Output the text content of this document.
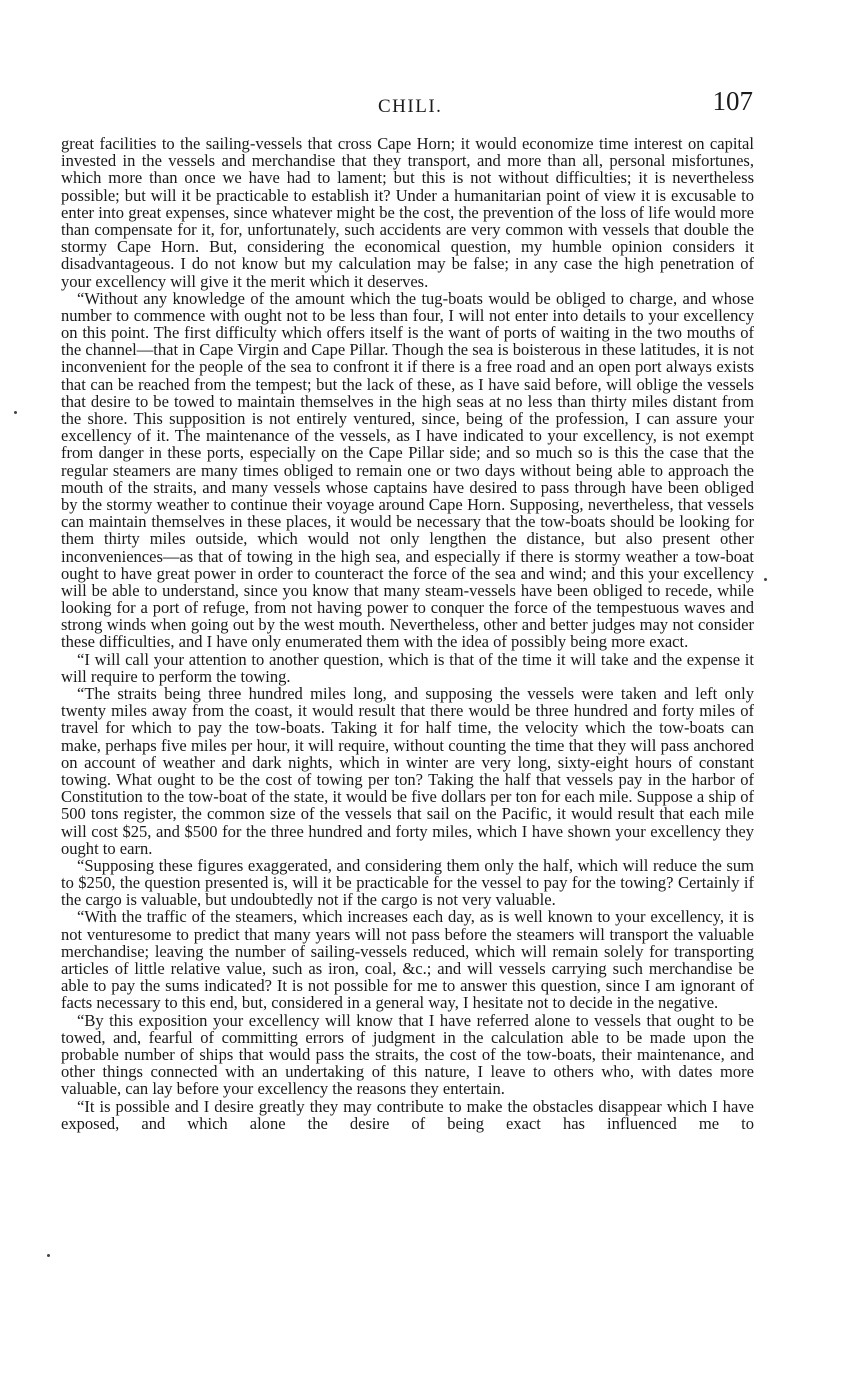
CHILI.	107

great facilities to the sailing-vessels that cross Cape Horn; it would economize time interest on capital invested in the vessels and merchandise that they transport, and more than all, personal misfortunes, which more than once we have had to lament; but this is not without difficulties; it is nevertheless possible; but will it be practicable to establish it? Under a humanitarian point of view it is excusable to enter into great expenses, since whatever might be the cost, the prevention of the loss of life would more than compensate for it, for, unfortunately, such accidents are very common with vessels that double the stormy Cape Horn. But, considering the economical question, my humble opinion considers it disadvantageous. I do not know but my calculation may be false; in any case the high penetration of your excellency will give it the merit which it deserves.

“Without any knowledge of the amount which the tug-boats would be obliged to charge, and whose number to commence with ought not to be less than four, I will not enter into details to your excellency on this point. The first difficulty which offers itself is the want of ports of waiting in the two mouths of the channel—that in Cape Virgin and Cape Pillar. Though the sea is boisterous in these latitudes, it is not inconvenient for the people of the sea to confront it if there is a free road and an open port always exists that can be reached from the tempest; but the lack of these, as I have said before, will oblige the vessels that desire to be towed to maintain themselves in the high seas at no less than thirty miles distant from the shore. This supposition is not entirely ventured, since, being of the profession, I can assure your excellency of it. The maintenance of the vessels, as I have indicated to your excellency, is not exempt from danger in these ports, especially on the Cape Pillar side; and so much so is this the case that the regular steamers are many times obliged to remain one or two days without being able to approach the mouth of the straits, and many vessels whose captains have desired to pass through have been obliged by the stormy weather to continue their voyage around Cape Horn. Supposing, nevertheless, that vessels can maintain themselves in these places, it would be necessary that the tow-boats should be looking for them thirty miles outside, which would not only lengthen the distance, but also present other inconveniences—as that of towing in the high sea, and especially if there is stormy weather a tow-boat ought to have great power in order to counteract the force of the sea and wind; and this your excellency will be able to understand, since you know that many steam-vessels have been obliged to recede, while looking for a port of refuge, from not having power to conquer the force of the tempestuous waves and strong winds when going out by the west mouth. Nevertheless, other and better judges may not consider these difficulties, and I have only enumerated them with the idea of possibly being more exact.

“I will call your attention to another question, which is that of the time it will take and the expense it will require to perform the towing.

“The straits being three hundred miles long, and supposing the vessels were taken and left only twenty miles away from the coast, it would result that there would be three hundred and forty miles of travel for which to pay the tow-boats. Taking it for half time, the velocity which the tow-boats can make, perhaps five miles per hour, it will require, without counting the time that they will pass anchored on account of weather and dark nights, which in winter are very long, sixty-eight hours of constant towing. What ought to be the cost of towing per ton? Taking the half that vessels pay in the harbor of Constitution to the tow-boat of the state, it would be five dollars per ton for each mile. Suppose a ship of 500 tons register, the common size of the vessels that sail on the Pacific, it would result that each mile will cost $25, and $500 for the three hundred and forty miles, which I have shown your excellency they ought to earn.

“Supposing these figures exaggerated, and considering them only the half, which will reduce the sum to $250, the question presented is, will it be practicable for the vessel to pay for the towing? Certainly if the cargo is valuable, but undoubtedly not if the cargo is not very valuable.

“With the traffic of the steamers, which increases each day, as is well known to your excellency, it is not venturesome to predict that many years will not pass before the steamers will transport the valuable merchandise; leaving the number of sailing-vessels reduced, which will remain solely for transporting articles of little relative value, such as iron, coal, &c.; and will vessels carrying such merchandise be able to pay the sums indicated? It is not possible for me to answer this question, since I am ignorant of facts necessary to this end, but, considered in a general way, I hesitate not to decide in the negative.

“By this exposition your excellency will know that I have referred alone to vessels that ought to be towed, and, fearful of committing errors of judgment in the calculation able to be made upon the probable number of ships that would pass the straits, the cost of the tow-boats, their maintenance, and other things connected with an undertaking of this nature, I leave to others who, with dates more valuable, can lay before your excellency the reasons they entertain.

“It is possible and I desire greatly they may contribute to make the obstacles disappear which I have exposed, and which alone the desire of being exact has influenced me to
